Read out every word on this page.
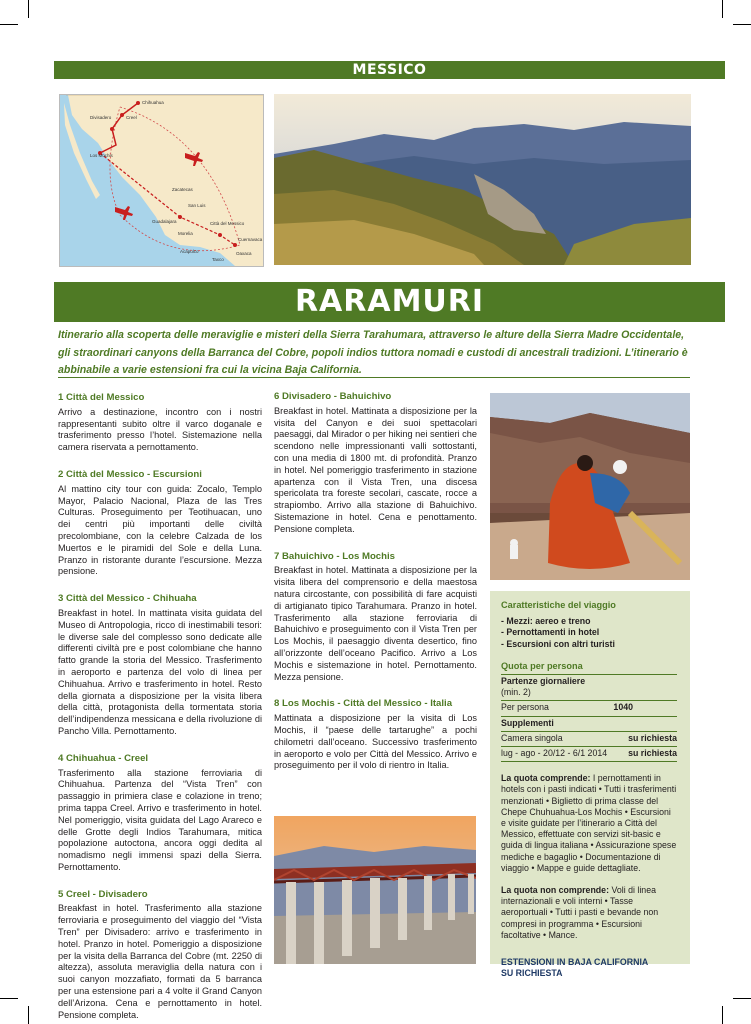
MESSICO
Chihuahua
Creel
Divisadero
Los Mochis
Zacatecas
San Luis
Guadalajara	Città del Messico
Morelia
Acapulco	Oaxaca
Cuernavaca
Taxco
RARAMURI
Itinerario alla scoperta delle meraviglie e misteri della Sierra Tarahumara, attraverso le alture della Sierra Madre Occidentale, gli straordinari canyons della Barranca del Cobre, popoli indios tuttora nomadi e custodi di ancestrali tradizioni. L’itinerario è abbinabile a varie estensioni fra cui la vicina Baja California.
1 Città del Messico

Arrivo a destinazione, incontro con i nostri rappresentanti subito oltre il varco doganale e trasferimento presso l’hotel. Sistemazione nella camera riservata a pernottamento.

2 Città del Messico - Escursioni

Al mattino city tour con guida: Zocalo, Templo Mayor, Palacio Nacional, Plaza de las Tres Culturas. Proseguimento per Teotihuacan, uno dei centri più importanti delle civiltà precolombiane, con la celebre Calzada de los Muertos e le piramidi del Sole e della Luna. Pranzo in ristorante durante l’escursione. Mezza pensione.

3 Città del Messico - Chihuaha

Breakfast in hotel. In mattinata visita guidata del Museo di Antropologia, ricco di inestimabili tesori: le diverse sale del complesso sono dedicate alle differenti civiltà pre e post colombiane che hanno fatto grande la storia del Messico. Trasferimento in aeroporto e partenza del volo di linea per Chihuahua. Arrivo e trasferimento in hotel. Resto della giornata a disposizione per la visita libera della città, protagonista della tormentata storia dell’indipendenza messicana e della rivoluzione di Pancho Villa. Pernottamento.

4 Chihuahua - Creel

Trasferimento alla stazione ferroviaria di Chihuahua. Partenza del “Vista Tren” con passaggio in primiera clase e colazione in treno; prima tappa Creel. Arrivo e trasferimento in hotel. Nel pomeriggio, visita guidata del Lago Arareco e delle Grotte degli Indios Tarahumara, mitica popolazione autoctona, ancora oggi dedita al nomadismo negli immensi spazi della Sierra. Pernottamento.

5 Creel - Divisadero

Breakfast in hotel. Trasferimento alla stazione ferroviaria e proseguimento del viaggio del “Vista Tren” per Divisadero: arrivo e trasferimento in hotel. Pranzo in hotel. Pomeriggio a disposizione per la visita della Barranca del Cobre (mt. 2250 di altezza), assoluta meraviglia della natura con i suoi canyon mozzafiato, formati da 5 barranca per una estensione pari a 4 volte il Grand Canyon dell’Arizona. Cena e pernottamento in hotel. Pensione completa.

6 Divisadero - Bahuichivo

Breakfast in hotel. Mattinata a disposizione per la visita del Canyon e dei suoi spettacolari paesaggi, dal Mirador o per hiking nei sentieri che scendono nelle impressionanti valli sottostanti, con una media di 1800 mt. di profondità. Pranzo in hotel. Nel pomeriggio trasferimento in stazione apartenza con il Vista Tren, una discesa spericolata tra foreste secolari, cascate, rocce a strapiombo. Arrivo alla stazione di Bahuichivo. Sistemazione in hotel. Cena e penottamento. Pensione completa.

7 Bahuichivo - Los Mochis

Breakfast in hotel. Mattinata a disposizione per la visita libera del comprensorio e della maestosa natura circostante, con possibilità di fare acquisti di artigianato tipico Tarahumara. Pranzo in hotel. Trasferimento alla stazione ferroviaria di Bahuichivo e proseguimento con il Vista Tren per Los Mochis, il paesaggio diventa desertico, fino all’orizzonte dell’oceano Pacifico. Arrivo a Los Mochis e sistemazione in hotel. Pernottamento. Mezza pensione.

8 Los Mochis - Città del Messico - Italia

Mattinata a disposizione per la visita di Los Mochis, il “paese delle tartarughe” a pochi chilometri dall’oceano. Successivo trasferimento in aeroporto e volo per Città del Messico. Arrivo e proseguimento per il volo di rientro in Italia.

Caratteristiche del viaggio
- Mezzi: aereo e treno
- Pernottamenti in hotel
- Escursioni con altri turisti
Quota per persona
Partenze giornaliere
(min. 2)
Per persona	1040
Supplementi
Camera singola	su richiesta
lug - ago - 20/12 - 6/1 2014 su richiesta

La quota comprende: I pernottamenti in hotels con i pasti indicati • Tutti i trasferimenti menzionati • Biglietto di prima classe del Chepe Chuhuahua-Los Mochis • Escursioni e visite guidate per l’itinerario a Città del Messico, effettuate con servizi sit-basic e guida di lingua italiana • Assicurazione spese mediche e bagaglio • Documentazione di viaggio • Mappe e guide dettagliate.

La quota non comprende: Voli di linea internazionali e voli interni • Tasse aeroportuali • Tutti i pasti e bevande non compresi in programma • Escursioni facoltative • Mance.

ESTENSIONI IN BAJA CALIFORNIA
SU RICHIESTA
